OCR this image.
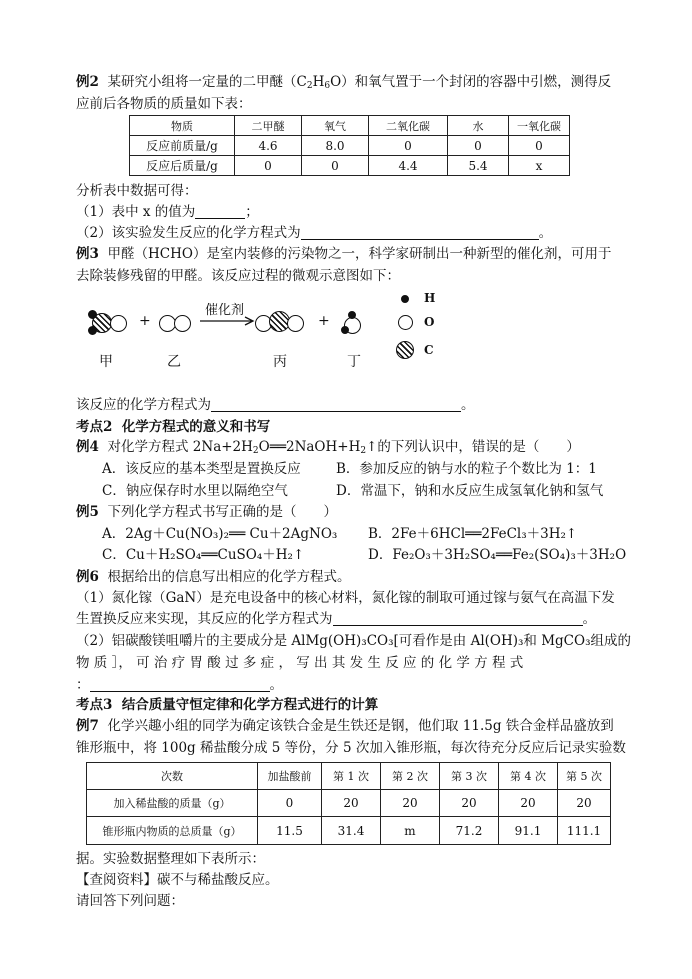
例2 某研究小组将一定量的二甲醚$(C_2H_6O)$和氧气置于一个封闭的容器中引燃，测得反
应前后各物质的质量如下表：
物质	二甲醚	氧气	二氧化碳	水	一氧化碳
反应前质量/g	4.6	8.0	0	0	0
反应后质量/g	0	0	4.4	5.4	x
分析表中数据可得：
（1）表中 x 的值为	；
（2）该实验发生反应的化学方程式为	。
例3 甲醛（HCHO）是室内装修的污染物之一，科学家研制出一种新型的催化剂，可用于
去除装修残留的甲醛。该反应过程的微观示意图如下：
+
催化剂
+
H
O
C
甲	乙	丙	丁
该反应的化学方程式为	。
考点2 化学方程式的意义和书写
例4 对化学方程式 $2Na+2H_2O══2NaOH+H_2↑$的下列认识中，错误的是（　　）
A．该反应的基本类型是置换反应	B．参加反应的钠与水的粒子个数比为 1：1
C．钠应保存时水里以隔绝空气	D．常温下，钠和水反应生成氢氧化钠和氢气
例5 下列化学方程式书写正确的是（　　）
A．2Ag＋Cu(NO₃)₂══ Cu＋2AgNO₃ B．2Fe＋6HCl══2FeCl₃＋3H₂↑
C．Cu＋H₂SO₄══CuSO₄＋H₂↑	D．Fe₂O₃＋3H₂SO₄══Fe₂(SO₄)₃＋3H₂O
例6 根据给出的信息写出相应的化学方程式。
（1）氮化镓（GaN）是充电设备中的核心材料，氮化镓的制取可通过镓与氨气在高温下发
生置换反应来实现，其反应的化学方程式为	。
（2）铝碳酸镁咀嚼片的主要成分是 AlMg(OH)₃CO₃[可看作是由 Al(OH)₃和 MgCO₃组成的
物 质 ］， 可 治 疗 胃 酸 过 多 症 ， 写 出 其 发 生 反 应 的 化 学 方 程 式
：	。
考点3 结合质量守恒定律和化学方程式进行的计算
例7 化学兴趣小组的同学为确定该铁合金是生铁还是钢，他们取 11.5g 铁合金样品盛放到
锥形瓶中，将 100g 稀盐酸分成 5 等份，分 5 次加入锥形瓶，每次待充分反应后记录实验数
次数	加盐酸前	第 1 次	第 2 次	第 3 次	第 4 次	第 5 次
加入稀盐酸的质量（g）	0	20	20	20	20	20
锥形瓶内物质的总质量（g）	11.5	31.4	m	71.2	91.1	111.1
据。实验数据整理如下表所示：
【查阅资料】碳不与稀盐酸反应。
请回答下列问题：
